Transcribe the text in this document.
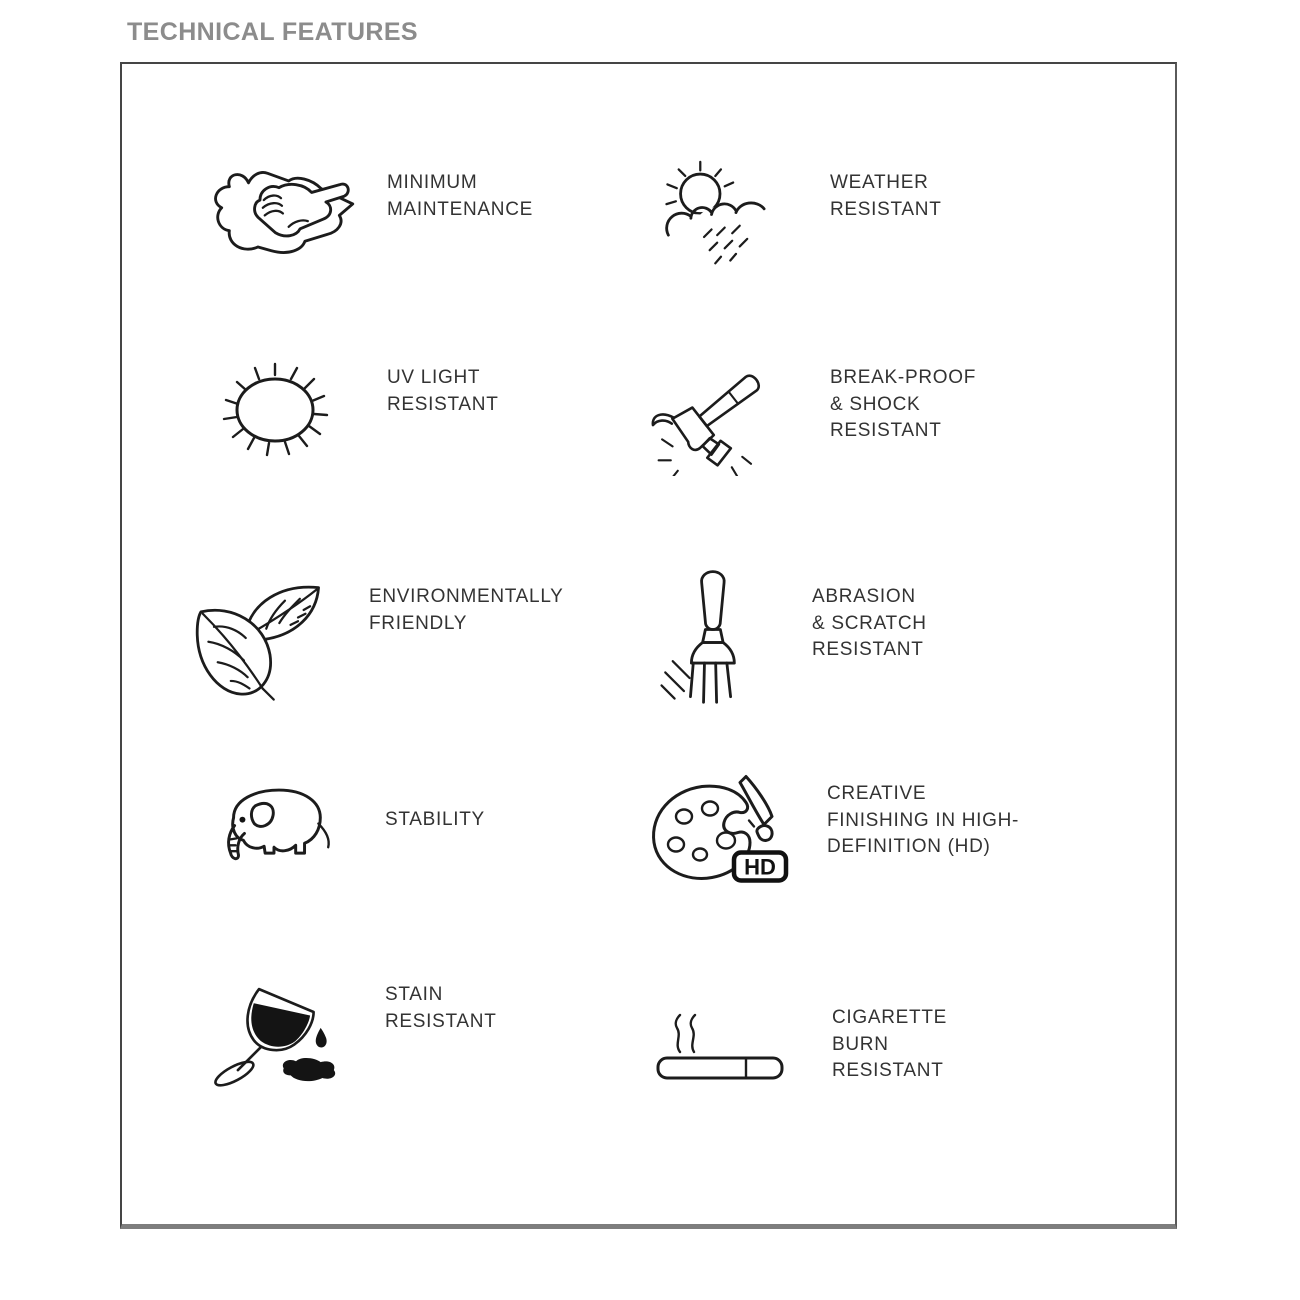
TECHNICAL FEATURES
MINIMUM
MAINTENANCE
WEATHER
RESISTANT
UV LIGHT
RESISTANT
BREAK-PROOF
& SHOCK
RESISTANT
ENVIRONMENTALLY
FRIENDLY
ABRASION
& SCRATCH
RESISTANT
STABILITY
HD
CREATIVE
FINISHING IN HIGH-
DEFINITION (HD)
STAIN
RESISTANT	CIGARETTE
BURN
RESISTANT
